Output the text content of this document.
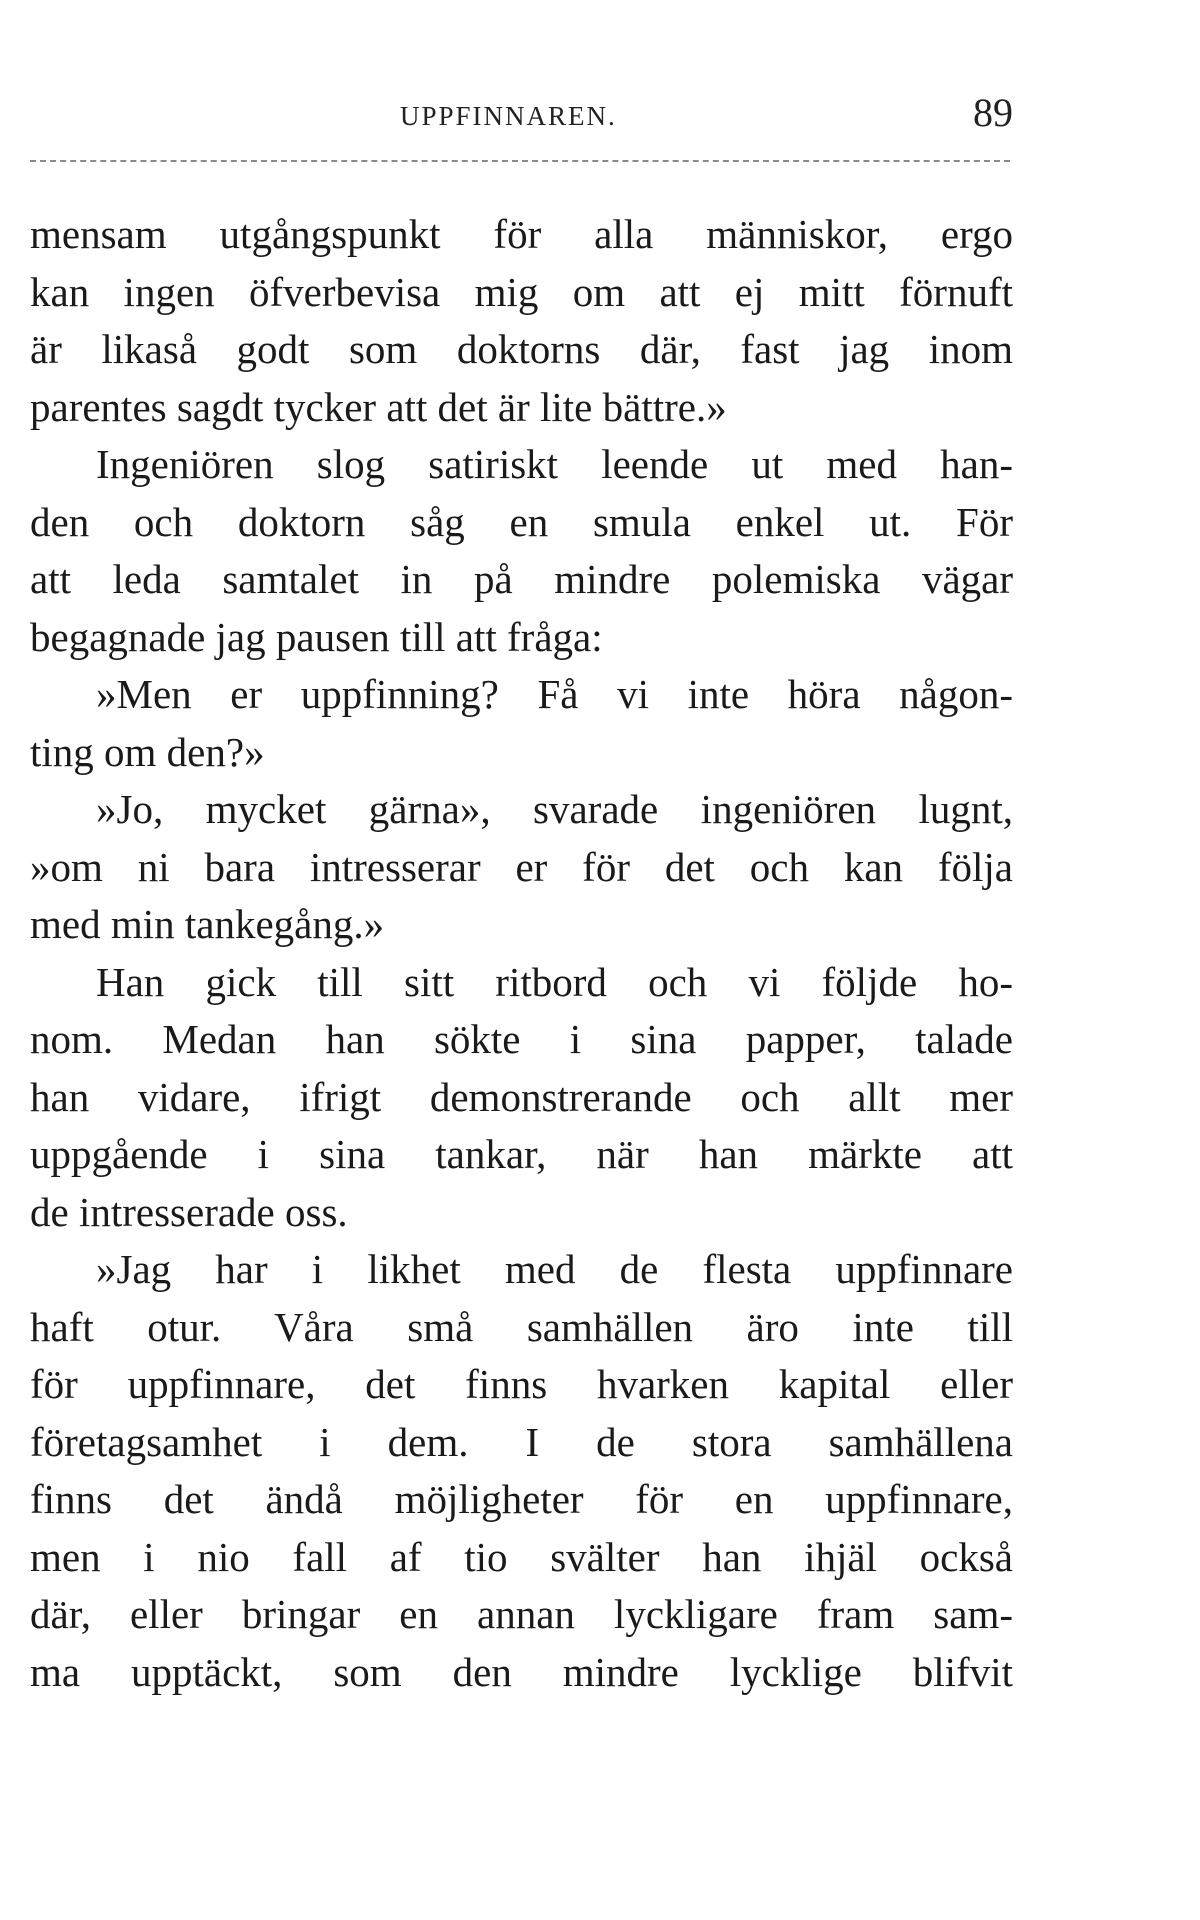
UPPFINNAREN.	89
mensam utgångspunkt för alla människor, ergo
kan ingen öfverbevisa mig om att ej mitt förnuft
är likaså godt som doktorns där, fast jag inom
parentes sagdt tycker att det är lite bättre.»
Ingeniören slog satiriskt leende ut med han-
den och doktorn såg en smula enkel ut. För
att leda samtalet in på mindre polemiska vägar
begagnade jag pausen till att fråga:
»Men er uppfinning? Få vi inte höra någon-
ting om den?»
»Jo, mycket gärna», svarade ingeniören lugnt,
»om ni bara intresserar er för det och kan följa
med min tankegång.»
Han gick till sitt ritbord och vi följde ho-
nom. Medan han sökte i sina papper, talade
han vidare, ifrigt demonstrerande och allt mer
uppgående i sina tankar, när han märkte att
de intresserade oss.
»Jag har i likhet med de flesta uppfinnare
haft otur. Våra små samhällen äro inte till
för uppfinnare, det finns hvarken kapital eller
företagsamhet i dem. I de stora samhällena
finns det ändå möjligheter för en uppfinnare,
men i nio fall af tio svälter han ihjäl också
där, eller bringar en annan lyckligare fram sam-
ma upptäckt, som den mindre lycklige blifvit
